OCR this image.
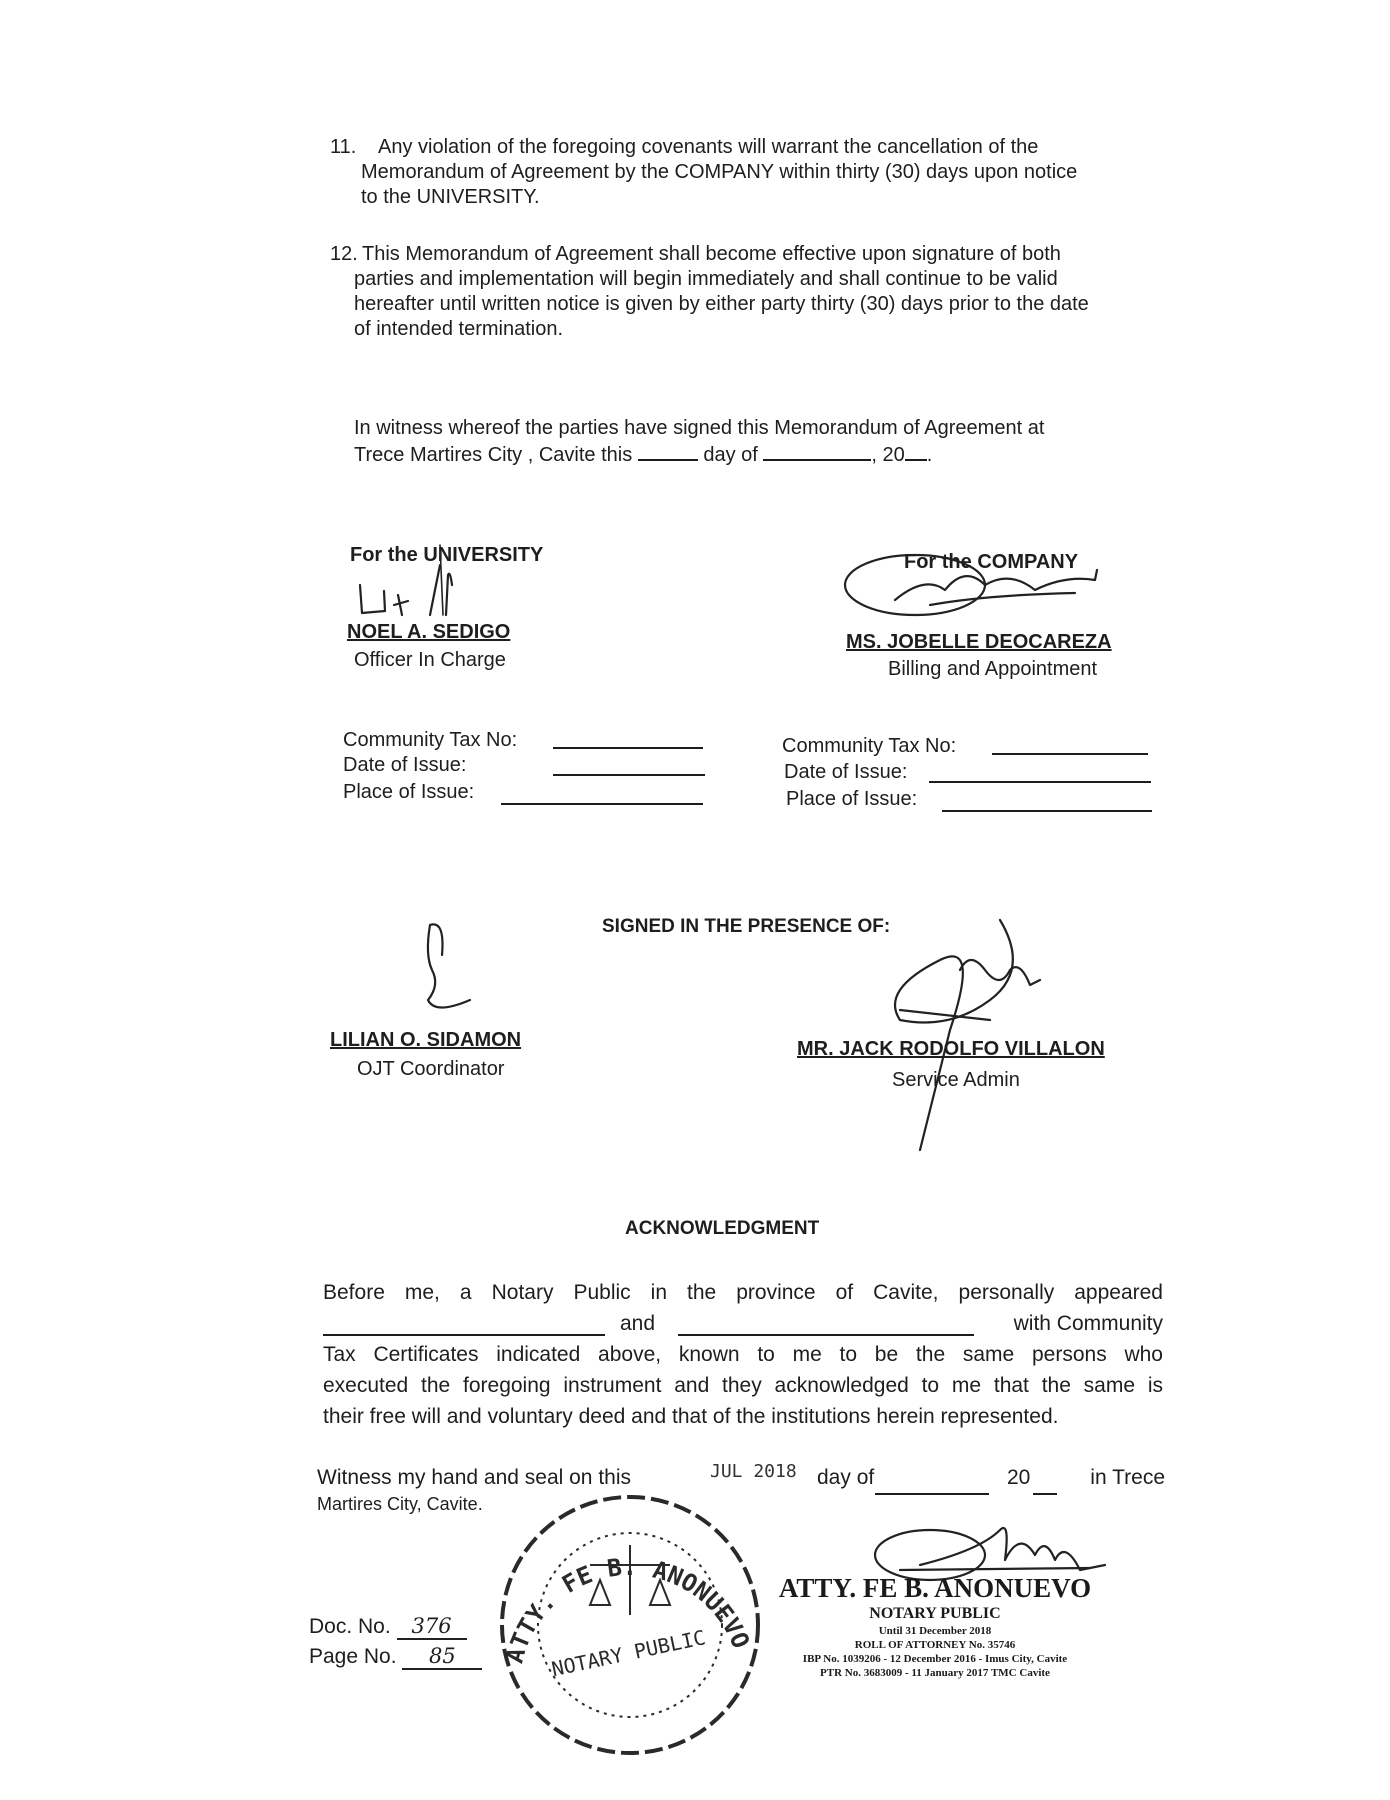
11. Any violation of the foregoing covenants will warrant the cancellation of the
Memorandum of Agreement by the COMPANY within thirty (30) days upon notice
to the UNIVERSITY.
12. This Memorandum of Agreement shall become effective upon signature of both
parties and implementation will begin immediately and shall continue to be valid
hereafter until written notice is given by either party thirty (30) days prior to the date
of intended termination.
In witness whereof the parties have signed this Memorandum of Agreement at
Trece Martires City , Cavite this	day of	, 20 .
For the UNIVERSITY
NOEL A. SEDIGO
Officer In Charge
For the COMPANY
MS. JOBELLE DEOCAREZA
Billing and Appointment
Community Tax No:
Date of Issue:
Place of Issue:
Community Tax No:
Date of Issue:
Place of Issue:
SIGNED IN THE PRESENCE OF:
LILIAN O. SIDAMON
OJT Coordinator
MR. JACK RODOLFO VILLALON
Service Admin
ACKNOWLEDGMENT
Before me, a Notary Public in the province of Cavite, personally appeared
and	with Community
Tax Certificates indicated above, known to me to be the same persons who
executed the foregoing instrument and they acknowledged to me that the same is
their free will and voluntary deed and that of the institutions herein represented.
Witness my hand and seal on this	JUL 2018 day of	20	in Trece
Martires City, Cavite.
ATTY. FE B. ANONUEVO
NOTARY PUBLIC
Doc. No. 376
Page No. 85
ATTY. FE B. ANONUEVO
NOTARY PUBLIC
Until 31 December 2018
ROLL OF ATTORNEY No. 35746
IBP No. 1039206 - 12 December 2016 - Imus City, Cavite
PTR No. 3683009 - 11 January 2017 TMC Cavite
